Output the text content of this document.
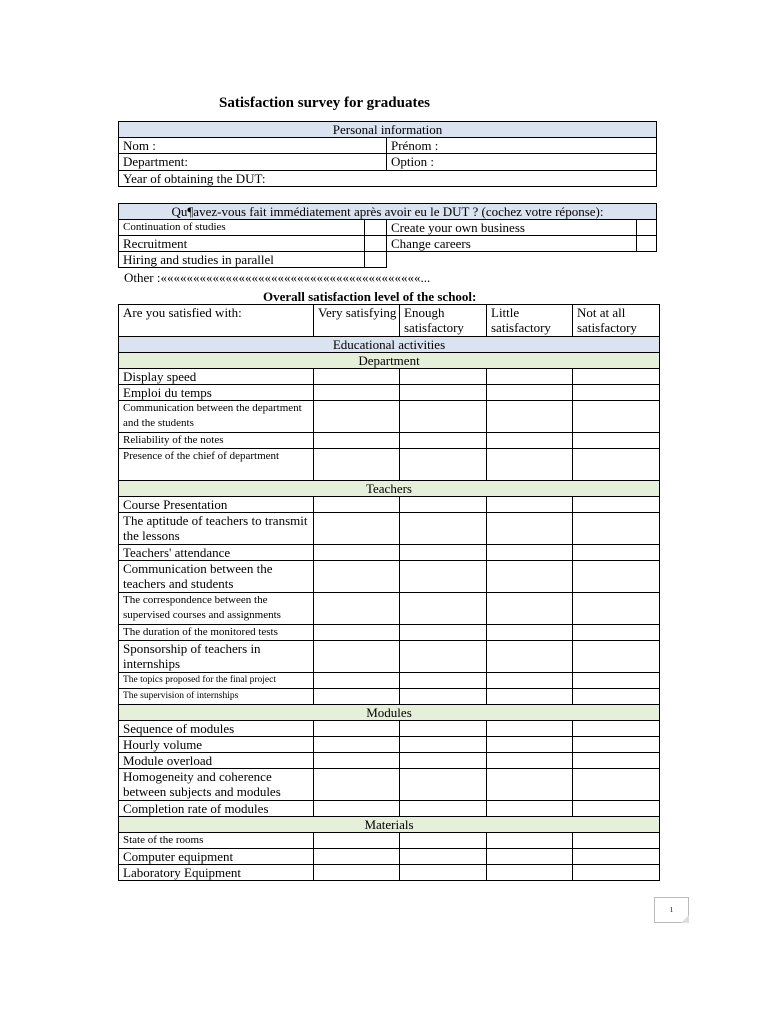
Satisfaction survey for graduates
Personal information	
Nom :	Prénom :
Department:	Option :
Year of obtaining the DUT:	
Qu¶avez-vous fait immédiatement après avoir eu le DUT ? (cochez votre réponse):			
Continuation of studies		Create your own business	
Recruitment		Change careers	
Hiring and studies in parallel			
Other :««««««««««««««««««««««««««««««««««««««««...
Overall satisfaction level of the school:
Are you satisfied with:	Very satisfying	Enough satisfactory	Little satisfactory	Not at all satisfactory
Educational activities				
Department				
Display speed				
Emploi du temps				
Communication between the department and the students				
Reliability of the notes				
Presence of the chief of department				
Teachers				
Course Presentation				
The aptitude of teachers to transmit the lessons				
Teachers' attendance				
Communication between the teachers and students				
The correspondence between the supervised courses and assignments				
The duration of the monitored tests				
Sponsorship of teachers in internships				
The topics proposed for the final project				
The supervision of internships				
Modules				
Sequence of modules				
Hourly volume				
Module overload				
Homogeneity and coherence between subjects and modules				
Completion rate of modules				
Materials				
State of the rooms				
Computer equipment				
Laboratory Equipment				
1
